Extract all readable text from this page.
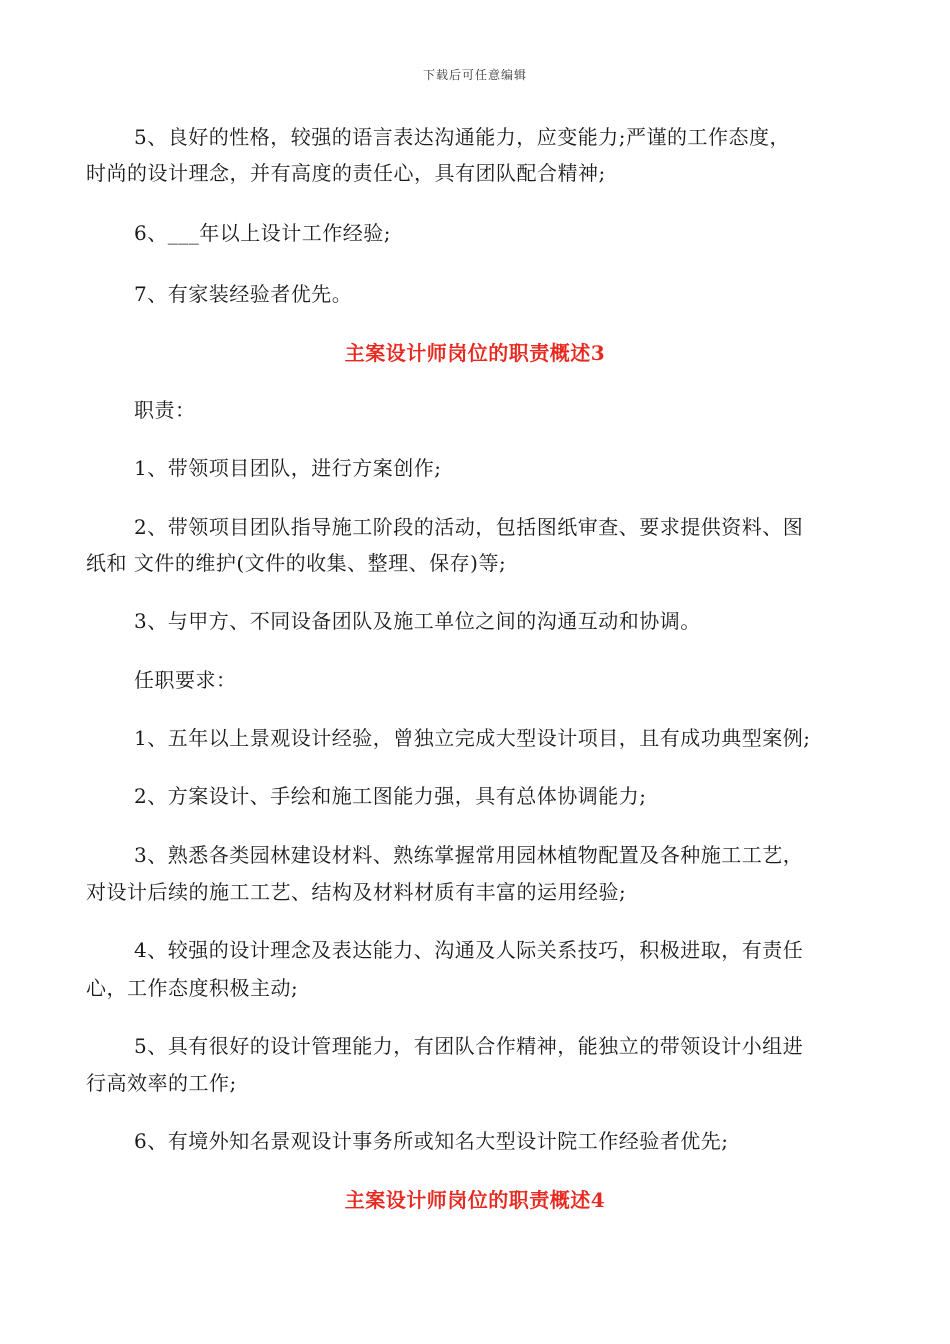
下载后可任意编辑
5、良好的性格，较强的语言表达沟通能力，应变能力;严谨的工作态度，
时尚的设计理念，并有高度的责任心，具有团队配合精神;
6、___年以上设计工作经验;
7、有家装经验者优先。
主案设计师岗位的职责概述3
职责：
1、带领项目团队，进行方案创作;
2、带领项目团队指导施工阶段的活动，包括图纸审查、要求提供资料、图
纸和 文件的维护(文件的收集、整理、保存)等;
3、与甲方、不同设备团队及施工单位之间的沟通互动和协调。
任职要求：
1、五年以上景观设计经验，曾独立完成大型设计项目，且有成功典型案例;
2、方案设计、手绘和施工图能力强，具有总体协调能力;
3、熟悉各类园林建设材料、熟练掌握常用园林植物配置及各种施工工艺，
对设计后续的施工工艺、结构及材料材质有丰富的运用经验;
4、较强的设计理念及表达能力、沟通及人际关系技巧，积极进取，有责任
心，工作态度积极主动;
5、具有很好的设计管理能力，有团队合作精神，能独立的带领设计小组进
行高效率的工作;
6、有境外知名景观设计事务所或知名大型设计院工作经验者优先;
主案设计师岗位的职责概述4
